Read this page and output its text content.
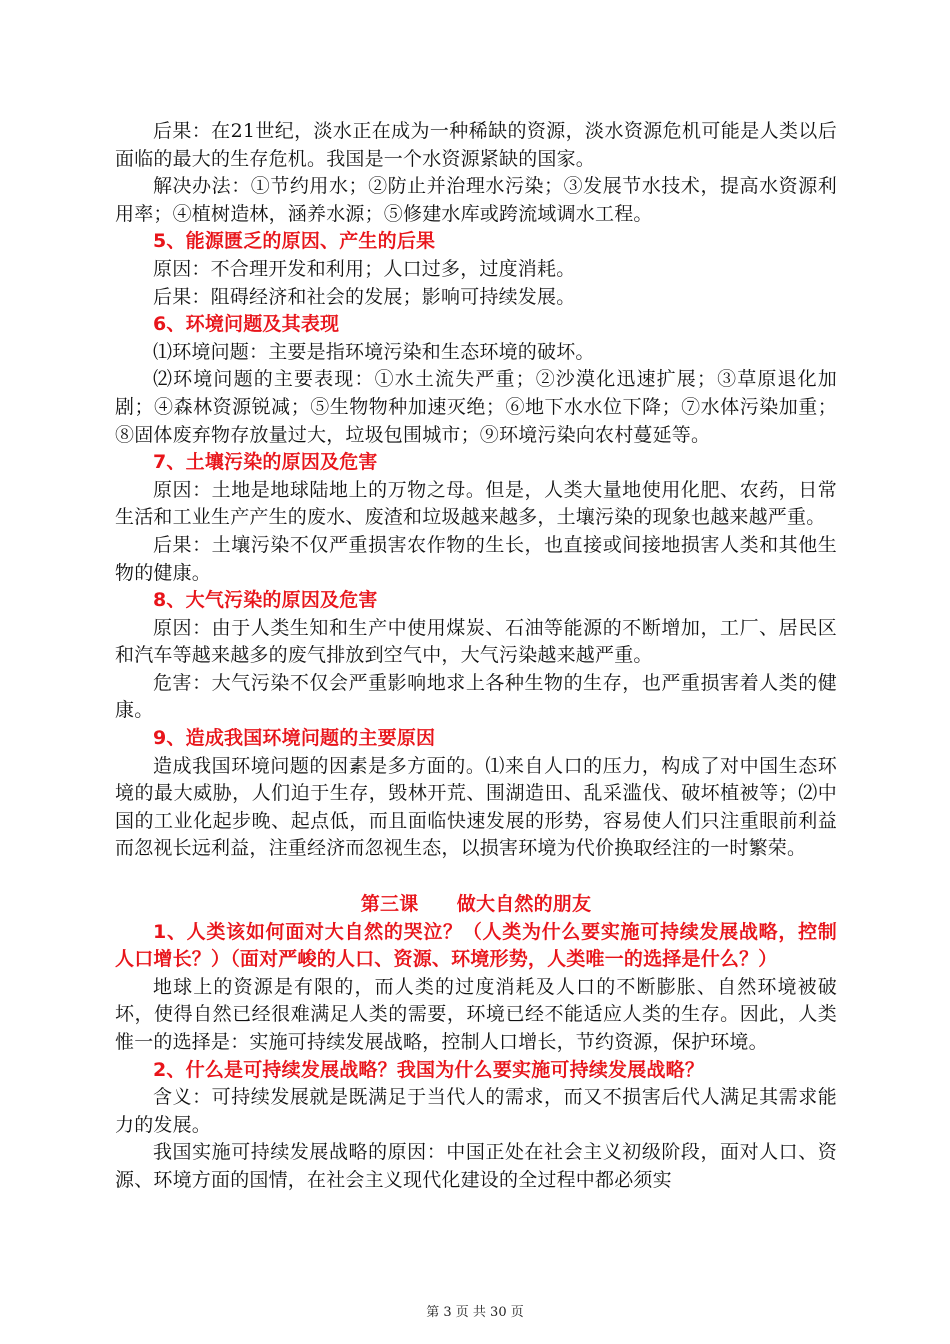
后果：在21世纪，淡水正在成为一种稀缺的资源，淡水资源危机可能是人类以后面临的最大的生存危机。我国是一个水资源紧缺的国家。

解决办法：①节约用水；②防止并治理水污染；③发展节水技术，提高水资源利用率；④植树造林，涵养水源；⑤修建水库或跨流域调水工程。

5、能源匮乏的原因、产生的后果

原因：不合理开发和利用；人口过多，过度消耗。

后果：阻碍经济和社会的发展；影响可持续发展。

6、环境问题及其表现

⑴环境问题：主要是指环境污染和生态环境的破坏。

⑵环境问题的主要表现：①水土流失严重；②沙漠化迅速扩展；③草原退化加剧；④森林资源锐减；⑤生物物种加速灭绝；⑥地下水水位下降；⑦水体污染加重；⑧固体废弃物存放量过大，垃圾包围城市；⑨环境污染向农村蔓延等。

7、土壤污染的原因及危害

原因：土地是地球陆地上的万物之母。但是，人类大量地使用化肥、农药，日常生活和工业生产产生的废水、废渣和垃圾越来越多，土壤污染的现象也越来越严重。

后果：土壤污染不仅严重损害农作物的生长，也直接或间接地损害人类和其他生物的健康。

8、大气污染的原因及危害

原因：由于人类生知和生产中使用煤炭、石油等能源的不断增加，工厂、居民区和汽车等越来越多的废气排放到空气中，大气污染越来越严重。

危害：大气污染不仅会严重影响地求上各种生物的生存，也严重损害着人类的健康。

9、造成我国环境问题的主要原因

造成我国环境问题的因素是多方面的。⑴来自人口的压力，构成了对中国生态环境的最大威胁，人们迫于生存，毁林开荒、围湖造田、乱采滥伐、破坏植被等；⑵中国的工业化起步晚、起点低，而且面临快速发展的形势，容易使人们只注重眼前利益而忽视长远利益，注重经济而忽视生态，以损害环境为代价换取经注的一时繁荣。

第三课　　做大自然的朋友

1、人类该如何面对大自然的哭泣？（人类为什么要实施可持续发展战略，控制人口增长？）（面对严峻的人口、资源、环境形势，人类唯一的选择是什么？）

地球上的资源是有限的，而人类的过度消耗及人口的不断膨胀、自然环境被破坏，使得自然已经很难满足人类的需要，环境已经不能适应人类的生存。因此，人类惟一的选择是：实施可持续发展战略，控制人口增长，节约资源，保护环境。

2、什么是可持续发展战略？我国为什么要实施可持续发展战略？

含义：可持续发展就是既满足于当代人的需求，而又不损害后代人满足其需求能力的发展。

我国实施可持续发展战略的原因：中国正处在社会主义初级阶段，面对人口、资源、环境方面的国情，在社会主义现代化建设的全过程中都必须实

第 3 页 共 30 页
